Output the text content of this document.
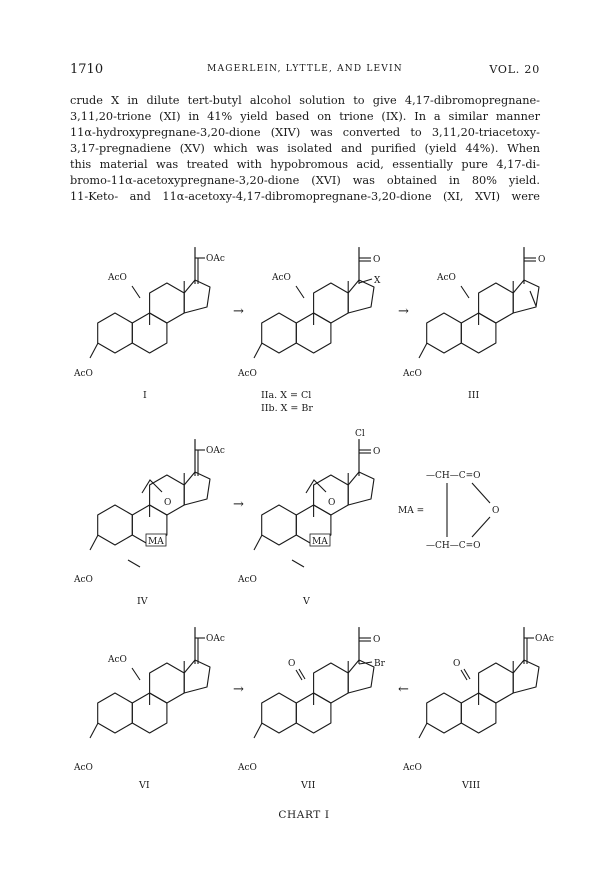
1710	MAGERLEIN, LYTTLE, AND LEVIN	VOL. 20

crude X in dilute tert-butyl alcohol solution to give 4,17-dibromopregnane-
3,11,20-trione (XI) in 41% yield based on trione (IX). In a similar manner
11α-hydroxypregnane-3,20-dione (XIV) was converted to 3,11,20-triacetoxy-
3,17-pregnadiene (XV) which was isolated and purified (yield 44%). When
this material was treated with hypobromous acid, essentially pure 4,17-di-
bromo-11α-acetoxypregnane-3,20-dione (XVI) was obtained in 80% yield.
11-Keto- and 11α-acetoxy-4,17-dibromopregnane-3,20-dione (XI, XVI) were

OAc
AcO
AcO
I
→
O
X
AcO
AcO
IIa. X = Cl
IIb. X = Br
→
O
AcO
AcO
III
OAc
O
MA
AcO
IV
→
Cl
O
O
MA
AcO
V
MA =
—CH—C=O
O
—CH—C=O
OAc
AcO
AcO
VI
→
O
O	Br
AcO
VII
←
OAc
O
AcO
VIII
CHART I
